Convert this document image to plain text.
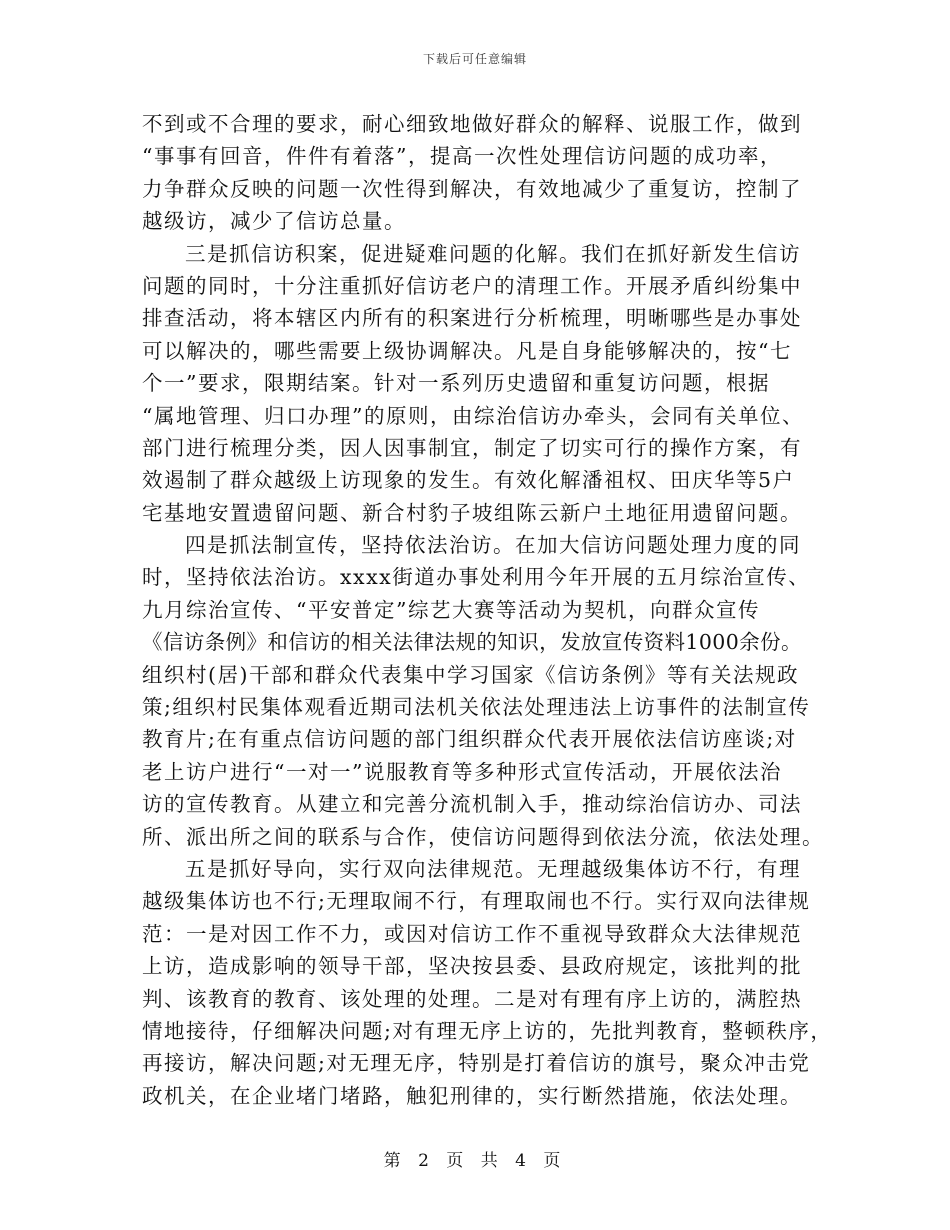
下载后可任意编辑
不到或不合理的要求，耐心细致地做好群众的解释、说服工作，做到
“事事有回音，件件有着落”，提高一次性处理信访问题的成功率，
力争群众反映的问题一次性得到解决，有效地减少了重复访，控制了
越级访，减少了信访总量。
三是抓信访积案，促进疑难问题的化解。我们在抓好新发生信访
问题的同时，十分注重抓好信访老户的清理工作。开展矛盾纠纷集中
排查活动，将本辖区内所有的积案进行分析梳理，明晰哪些是办事处
可以解决的，哪些需要上级协调解决。凡是自身能够解决的，按“七
个一”要求，限期结案。针对一系列历史遗留和重复访问题，根据
“属地管理、归口办理”的原则，由综治信访办牵头，会同有关单位、
部门进行梳理分类，因人因事制宜，制定了切实可行的操作方案，有
效遏制了群众越级上访现象的发生。有效化解潘祖权、田庆华等5户
宅基地安置遗留问题、新合村豹子坡组陈云新户土地征用遗留问题。
四是抓法制宣传，坚持依法治访。在加大信访问题处理力度的同
时，坚持依法治访。xxxx街道办事处利用今年开展的五月综治宣传、
九月综治宣传、“平安普定”综艺大赛等活动为契机，向群众宣传
《信访条例》和信访的相关法律法规的知识，发放宣传资料1000余份。
组织村(居)干部和群众代表集中学习国家《信访条例》等有关法规政
策;组织村民集体观看近期司法机关依法处理违法上访事件的法制宣传
教育片;在有重点信访问题的部门组织群众代表开展依法信访座谈;对
老上访户进行“一对一”说服教育等多种形式宣传活动，开展依法治
访的宣传教育。从建立和完善分流机制入手，推动综治信访办、司法
所、派出所之间的联系与合作，使信访问题得到依法分流，依法处理。
五是抓好导向，实行双向法律规范。无理越级集体访不行，有理
越级集体访也不行;无理取闹不行，有理取闹也不行。实行双向法律规
范：一是对因工作不力，或因对信访工作不重视导致群众大法律规范
上访，造成影响的领导干部，坚决按县委、县政府规定，该批判的批
判、该教育的教育、该处理的处理。二是对有理有序上访的，满腔热
情地接待，仔细解决问题;对有理无序上访的，先批判教育，整顿秩序，
再接访，解决问题;对无理无序，特别是打着信访的旗号，聚众冲击党
政机关，在企业堵门堵路，触犯刑律的，实行断然措施，依法处理。
第 2 页 共 4 页
